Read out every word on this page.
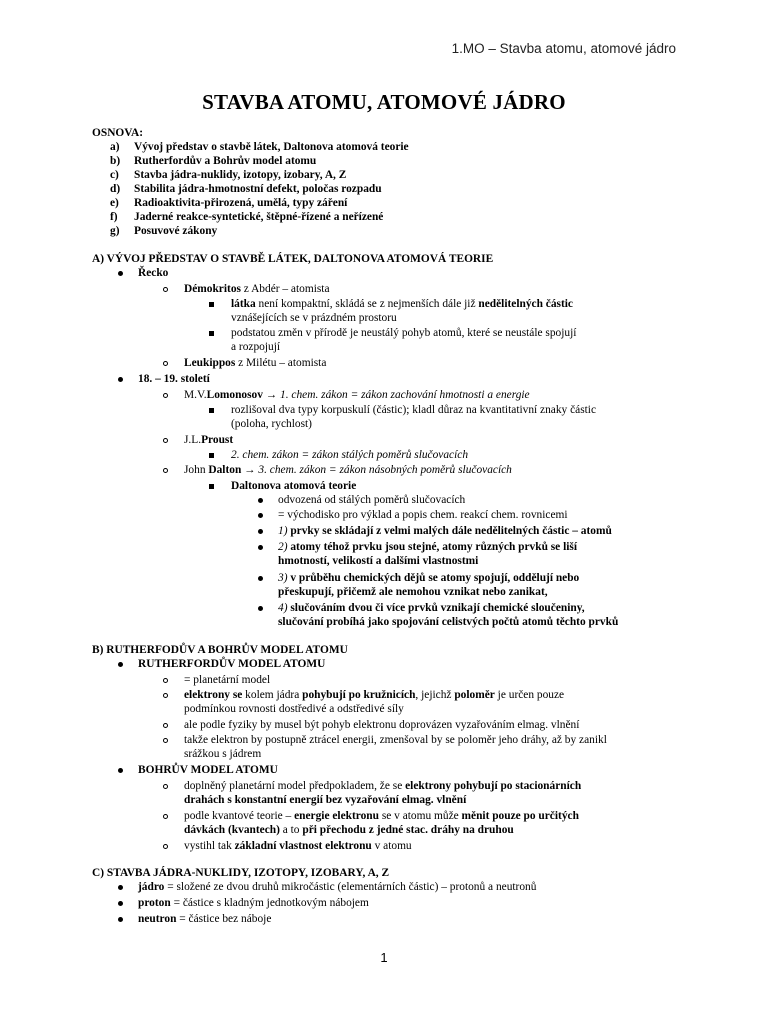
1.MO – Stavba atomu, atomové jádro
STAVBA ATOMU, ATOMOVÉ JÁDRO
OSNOVA:
a) Vývoj představ o stavbě látek, Daltonova atomová teorie
b) Rutherfordův a Bohrův model atomu
c) Stavba jádra-nuklidy, izotopy, izobary, A, Z
d) Stabilita jádra-hmotnostní defekt, poločas rozpadu
e) Radioaktivita-přirozená, umělá, typy záření
f) Jaderné reakce-syntetické, štěpné-řízené a neřízené
g) Posuvové zákony
A) VÝVOJ PŘEDSTAV O STAVBĚ LÁTEK, DALTONOVA ATOMOVÁ TEORIE
Řecko
Démokritos z Abdér – atomista
látka není kompaktní, skládá se z nejmenších dále již nedělitelných částic
vznášejících se v prázdném prostoru
podstatou změn v přírodě je neustálý pohyb atomů, které se neustále spojují
a rozpojují
Leukippos z Milétu – atomista
18. – 19. století
M.V.Lomonosov → 1. chem. zákon = zákon zachování hmotnosti a energie
rozlišoval dva typy korpuskulí (částic); kladl důraz na kvantitativní znaky částic
(poloha, rychlost)
J.L.Proust
2. chem. zákon = zákon stálých poměrů slučovacích
John Dalton → 3. chem. zákon = zákon násobných poměrů slučovacích
Daltonova atomová teorie
odvozená od stálých poměrů slučovacích
= východisko pro výklad a popis chem. reakcí chem. rovnicemi
1) prvky se skládají z velmi malých dále nedělitelných částic – atomů
2) atomy téhož prvku jsou stejné, atomy různých prvků se liší
hmotností, velikostí a dalšími vlastnostmi
3) v průběhu chemických dějů se atomy spojují, oddělují nebo
přeskupují, přičemž ale nemohou vznikat nebo zanikat,
4) slučováním dvou či více prvků vznikají chemické sloučeniny,
slučování probíhá jako spojování celistvých počtů atomů těchto prvků
B) RUTHERFODŮV A BOHRŮV MODEL ATOMU
RUTHERFORDŮV MODEL ATOMU
= planetární model
elektrony se kolem jádra pohybují po kružnicích, jejichž poloměr je určen pouze
podmínkou rovnosti dostředivé a odstředivé síly
ale podle fyziky by musel být pohyb elektronu doprovázen vyzařováním elmag. vlnění
takže elektron by postupně ztrácel energii, zmenšoval by se poloměr jeho dráhy, až by zanikl
srážkou s jádrem
BOHRŮV MODEL ATOMU
doplněný planetární model předpokladem, že se elektrony pohybují po stacionárních
drahách s konstantní energií bez vyzařování elmag. vlnění
podle kvantové teorie – energie elektronu se v atomu může měnit pouze po určitých
dávkách (kvantech) a to při přechodu z jedné stac. dráhy na druhou
vystihl tak základní vlastnost elektronu v atomu
C) STAVBA JÁDRA-NUKLIDY, IZOTOPY, IZOBARY, A, Z
jádro = složené ze dvou druhů mikročástic (elementárních částic) – protonů a neutronů
proton = částice s kladným jednotkovým nábojem
neutron = částice bez náboje
1
